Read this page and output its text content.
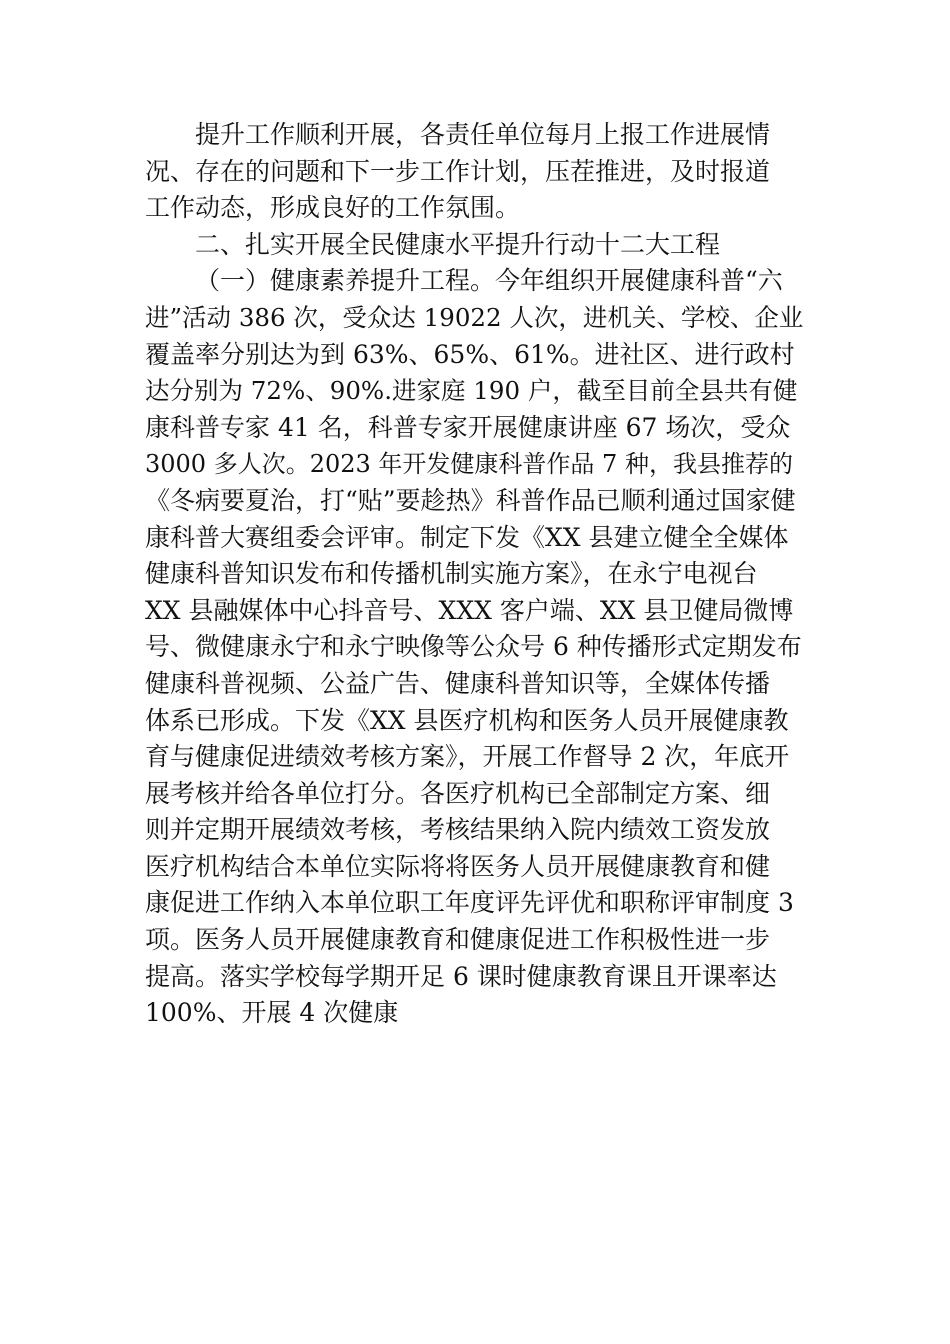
提升工作顺利开展，各责任单位每月上报工作进展情
况、存在的问题和下一步工作计划，压茬推进，及时报道
工作动态，形成良好的工作氛围。
二、扎实开展全民健康水平提升行动十二大工程
（一）健康素养提升工程。今年组织开展健康科普“六
进”活动 386 次，受众达 19022 人次，进机关、学校、企业
覆盖率分别达为到 63%、65%、61%。进社区、进行政村
达分别为 72%、90%.进家庭 190 户，截至目前全县共有健
康科普专家 41 名，科普专家开展健康讲座 67 场次，受众
3000 多人次。2023 年开发健康科普作品 7 种，我县推荐的
《冬病要夏治，打“贴”要趁热》科普作品已顺利通过国家健
康科普大赛组委会评审。制定下发《XX 县建立健全全媒体
健康科普知识发布和传播机制实施方案》，在永宁电视台
XX 县融媒体中心抖音号、XXX 客户端、XX 县卫健局微博
号、微健康永宁和永宁映像等公众号 6 种传播形式定期发布
健康科普视频、公益广告、健康科普知识等，全媒体传播
体系已形成。下发《XX 县医疗机构和医务人员开展健康教
育与健康促进绩效考核方案》，开展工作督导 2 次，年底开
展考核并给各单位打分。各医疗机构已全部制定方案、细
则并定期开展绩效考核，考核结果纳入院内绩效工资发放
医疗机构结合本单位实际将将医务人员开展健康教育和健
康促进工作纳入本单位职工年度评先评优和职称评审制度 3
项。医务人员开展健康教育和健康促进工作积极性进一步
提高。落实学校每学期开足 6 课时健康教育课且开课率达
100%、开展 4 次健康
